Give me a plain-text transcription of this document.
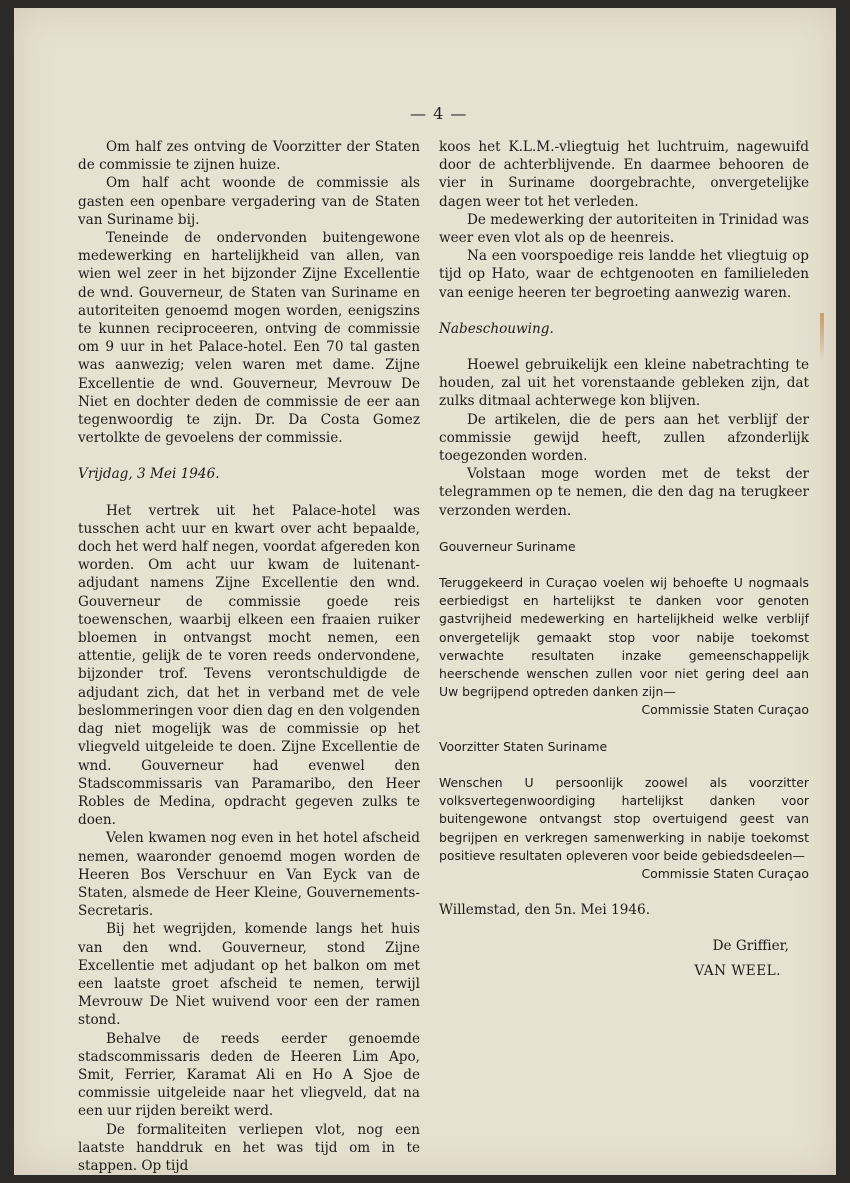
— 4 —

Om half zes ontving de Voorzitter der Staten de commissie te zijnen huize.

Om half acht woonde de commissie als gasten een openbare vergadering van de Staten van Suriname bij.

Teneinde de ondervonden buitengewone medewerking en hartelijkheid van allen, van wien wel zeer in het bijzonder Zijne Excellentie de wnd. Gouverneur, de Staten van Suriname en autoriteiten genoemd mogen worden, eenigszins te kunnen reciproceeren, ontving de commissie om 9 uur in het Palace-hotel. Een 70 tal gasten was aanwezig; velen waren met dame. Zijne Excellentie de wnd. Gouverneur, Mevrouw De Niet en dochter deden de commissie de eer aan tegenwoordig te zijn. Dr. Da Costa Gomez vertolkte de gevoelens der commissie.

Vrijdag, 3 Mei 1946.

Het vertrek uit het Palace-hotel was tusschen acht uur en kwart over acht bepaalde, doch het werd half negen, voordat afgereden kon worden. Om acht uur kwam de luitenant-adjudant namens Zijne Excellentie den wnd. Gouverneur de commissie goede reis toewenschen, waarbij elkeen een fraaien ruiker bloemen in ontvangst mocht nemen, een attentie, gelijk de te voren reeds ondervondene, bijzonder trof. Tevens verontschuldigde de adjudant zich, dat het in verband met de vele beslommeringen voor dien dag en den volgenden dag niet mogelijk was de commissie op het vliegveld uitgeleide te doen. Zijne Excellentie de wnd. Gouverneur had evenwel den Stadscommissaris van Paramaribo, den Heer Robles de Medina, opdracht gegeven zulks te doen.

Velen kwamen nog even in het hotel afscheid nemen, waaronder genoemd mogen worden de Heeren Bos Verschuur en Van Eyck van de Staten, alsmede de Heer Kleine, Gouvernements-Secretaris.

Bij het wegrijden, komende langs het huis van den wnd. Gouverneur, stond Zijne Excellentie met adjudant op het balkon om met een laatste groet afscheid te nemen, terwijl Mevrouw De Niet wuivend voor een der ramen stond.

Behalve de reeds eerder genoemde stadscommissaris deden de Heeren Lim Apo, Smit, Ferrier, Karamat Ali en Ho A Sjoe de commissie uitgeleide naar het vliegveld, dat na een uur rijden bereikt werd.

De formaliteiten verliepen vlot, nog een laatste handdruk en het was tijd om in te stappen. Op tijd

koos het K.L.M.-vliegtuig het luchtruim, nagewuifd door de achterblijvende. En daarmee behooren de vier in Suriname doorgebrachte, onvergetelijke dagen weer tot het verleden.

De medewerking der autoriteiten in Trinidad was weer even vlot als op de heenreis.

Na een voorspoedige reis landde het vliegtuig op tijd op Hato, waar de echtgenooten en familieleden van eenige heeren ter begroeting aanwezig waren.

Nabeschouwing.

Hoewel gebruikelijk een kleine nabetrachting te houden, zal uit het vorenstaande gebleken zijn, dat zulks ditmaal achterwege kon blijven.

De artikelen, die de pers aan het verblijf der commissie gewijd heeft, zullen afzonderlijk toegezonden worden.

Volstaan moge worden met de tekst der telegrammen op te nemen, die den dag na terugkeer verzonden werden.

Gouverneur Suriname

Teruggekeerd in Curaçao voelen wij behoefte U nogmaals eerbiedigst en hartelijkst te danken voor genoten gastvrijheid medewerking en hartelijkheid welke verblijf onvergetelijk gemaakt stop voor nabije toekomst verwachte resultaten inzake gemeenschappelijk heerschende wenschen zullen voor niet gering deel aan Uw begrijpend optreden danken zijn—

Commissie Staten Curaçao

Voorzitter Staten Suriname

Wenschen U persoonlijk zoowel als voorzitter volksvertegenwoordiging hartelijkst danken voor buitengewone ontvangst stop overtuigend geest van begrijpen en verkregen samenwerking in nabije toekomst positieve resultaten opleveren voor beide gebiedsdeelen—

Commissie Staten Curaçao

Willemstad, den 5n. Mei 1946.

De Griffier,

VAN WEEL.
